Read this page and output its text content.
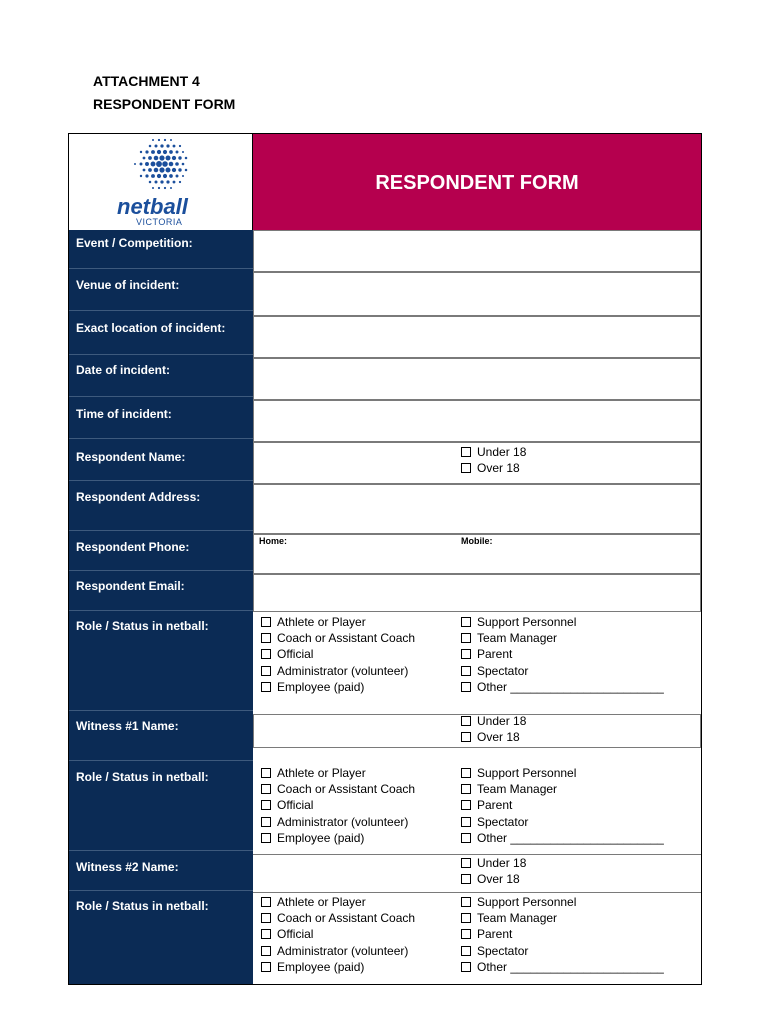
ATTACHMENT 4
RESPONDENT FORM
netball
VICTORIA
RESPONDENT FORM
Event / Competition:
Venue of incident:
Exact location of incident:
Date of incident:
Time of incident:
Respondent Name:
Respondent Address:
Respondent Phone:
Respondent Email:
Role / Status in netball:
Witness #1 Name:
Role / Status in netball:
Witness #2 Name:
Role / Status in netball:
Under 18
Over 18
Home:	Mobile:
Athlete or Player
Coach or Assistant Coach
Official
Administrator (volunteer)
Employee (paid)
Support Personnel
Team Manager
Parent
Spectator
Other _______________________
Under 18
Over 18
Athlete or Player
Coach or Assistant Coach
Official
Administrator (volunteer)
Employee (paid)
Support Personnel
Team Manager
Parent
Spectator
Other _______________________
Under 18
Over 18
Athlete or Player
Coach or Assistant Coach
Official
Administrator (volunteer)
Employee (paid)
Support Personnel
Team Manager
Parent
Spectator
Other _______________________
